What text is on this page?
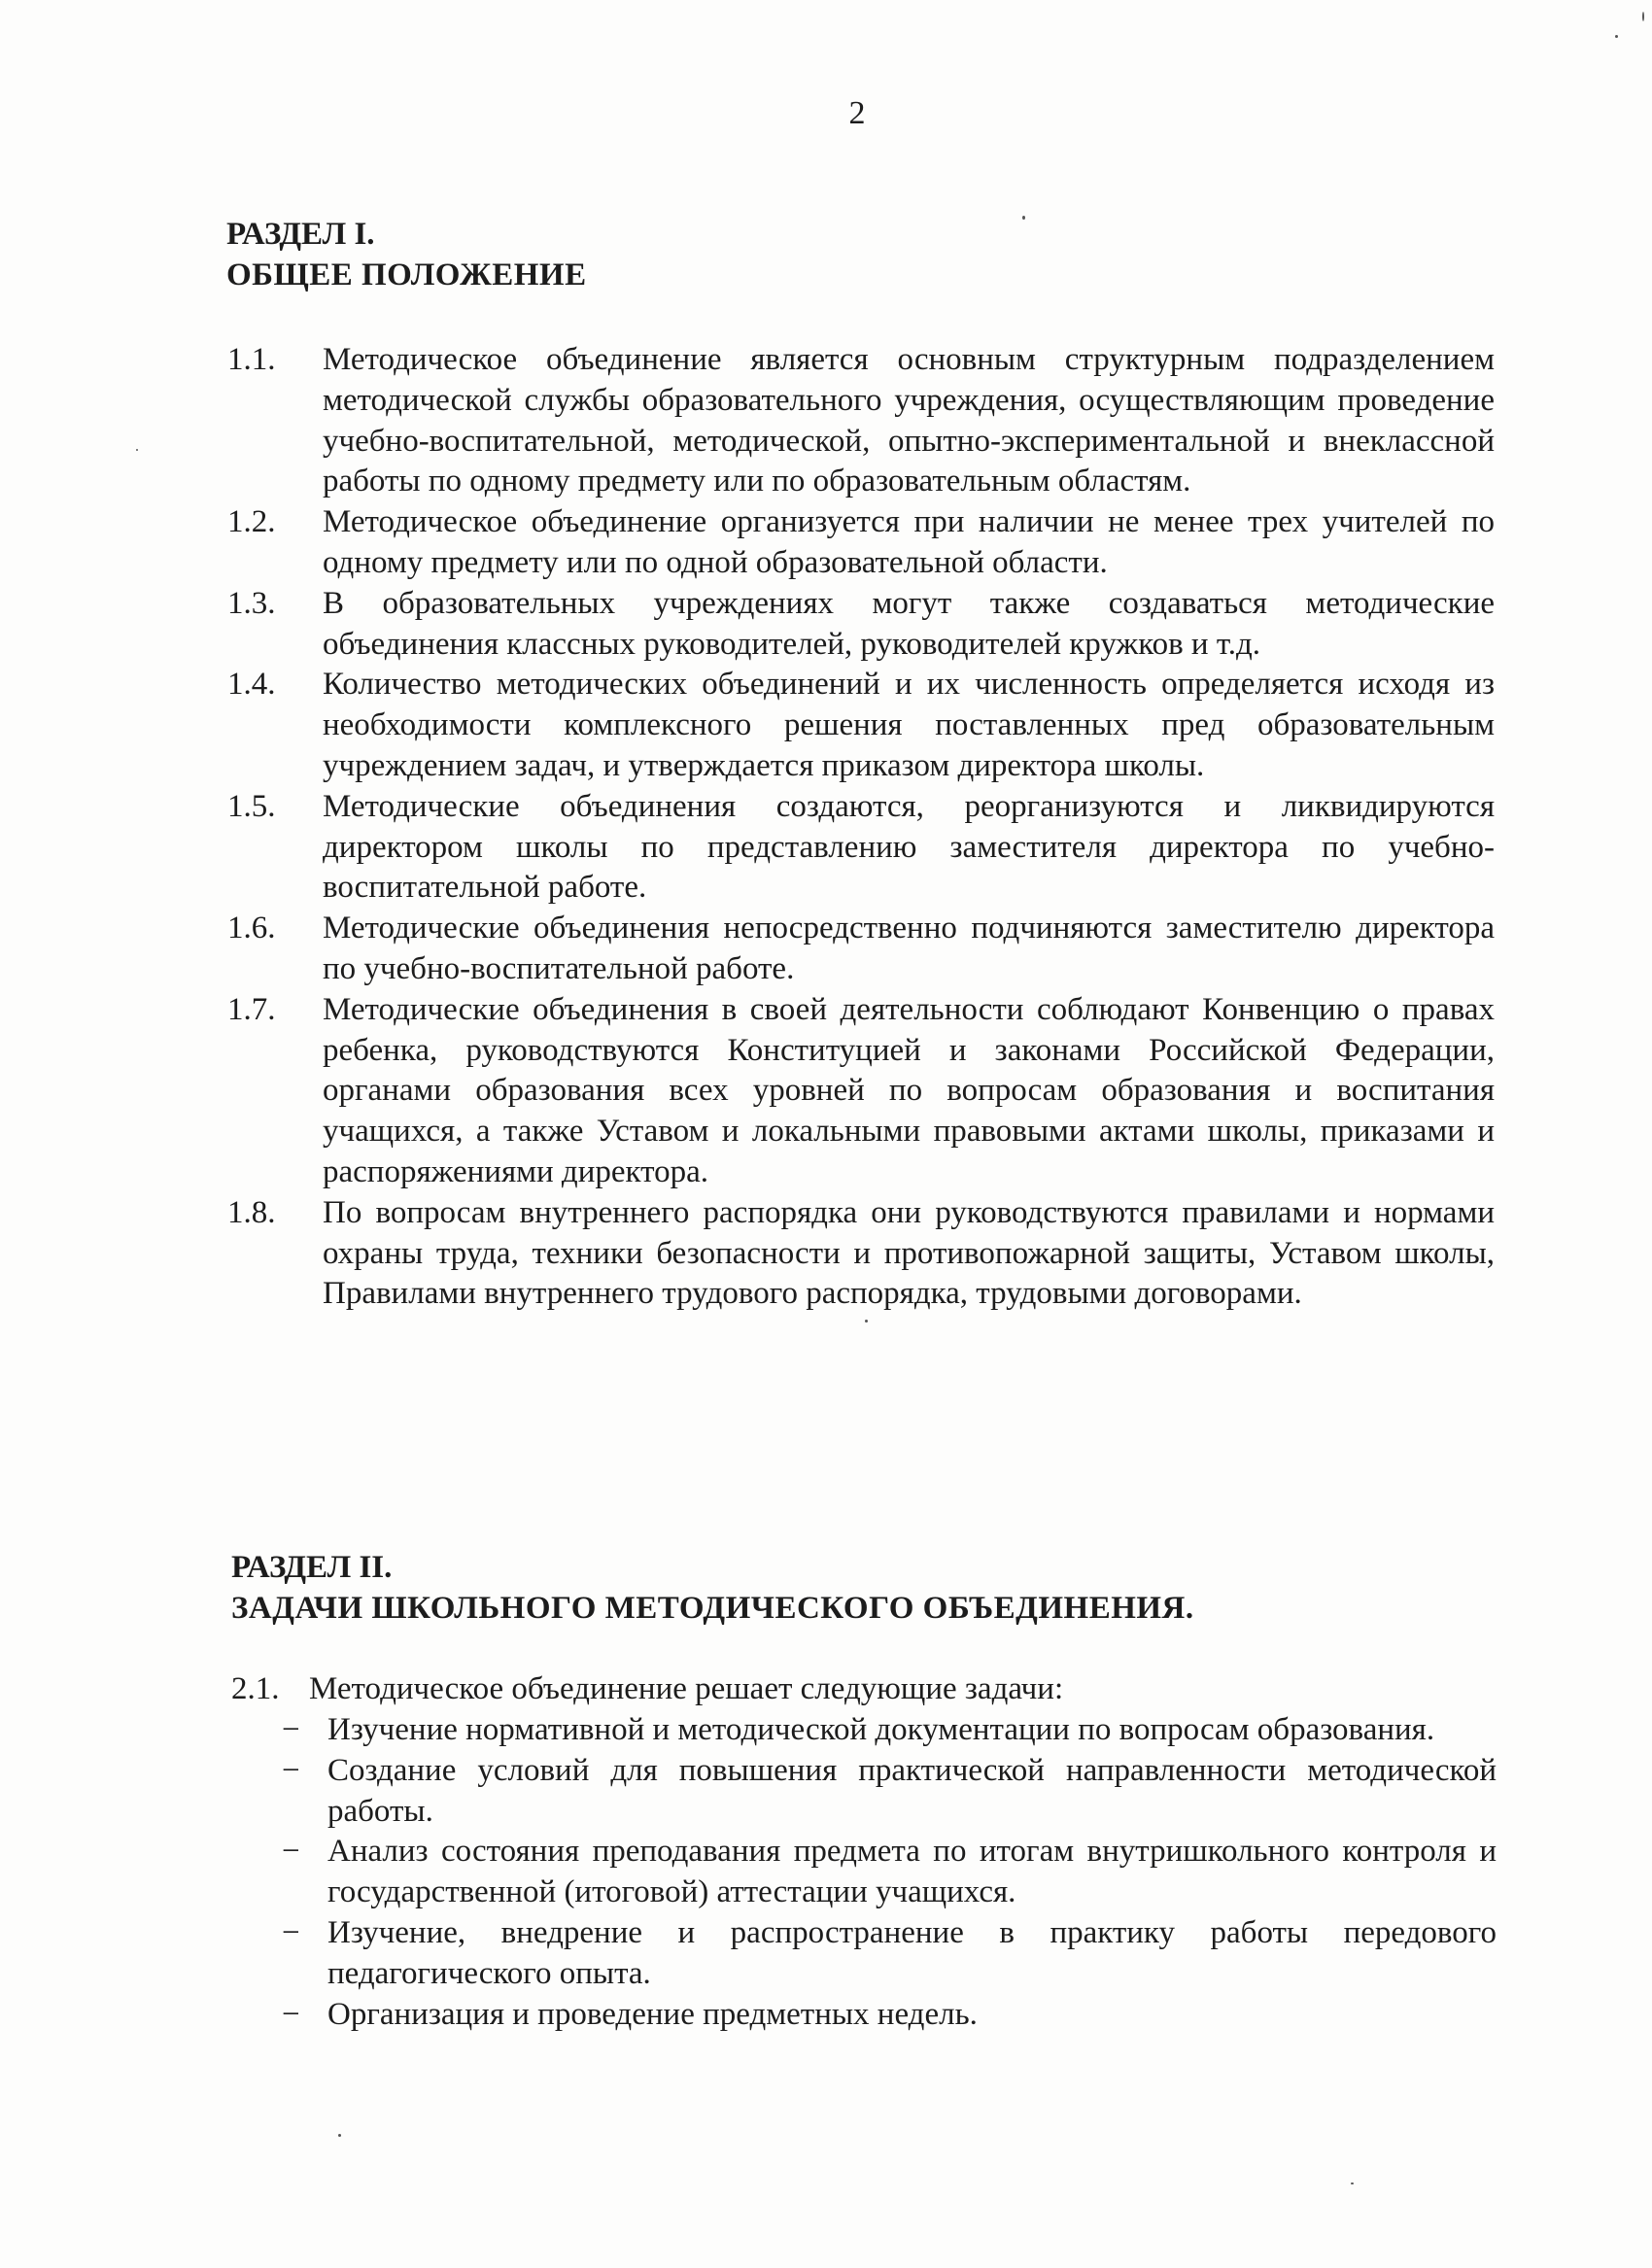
2
РАЗДЕЛ I.
ОБЩЕЕ ПОЛОЖЕНИЕ
1.1.	Методическое объединение является основным структурным подразделением методической службы образовательного учреждения, осуществляющим проведение учебно-воспитательной, методической, опытно-экспериментальной и внеклассной работы по одному предмету или по образовательным областям.
1.2.	Методическое объединение организуется при наличии не менее трех учителей по одному предмету или по одной образовательной области.
1.3.	В образовательных учреждениях могут также создаваться методические объединения классных руководителей, руководителей кружков и т.д.
1.4.	Количество методических объединений и их численность определяется исходя из необходимости комплексного решения поставленных пред образовательным учреждением задач, и утверждается приказом директора школы.
1.5.	Методические объединения создаются, реорганизуются и ликвидируются директором школы по представлению заместителя директора по учебно-воспитательной работе.
1.6.	Методические объединения непосредственно подчиняются заместителю директора по учебно-воспитательной работе.
1.7.	Методические объединения в своей деятельности соблюдают Конвенцию о правах ребенка, руководствуются Конституцией и законами Российской Федерации, органами образования всех уровней по вопросам образования и воспитания учащихся, а также Уставом и локальными правовыми актами школы, приказами и распоряжениями директора.
1.8.	По вопросам внутреннего распорядка они руководствуются правилами и нормами охраны труда, техники безопасности и противопожарной защиты, Уставом школы, Правилами внутреннего трудового распорядка, трудовыми договорами.
РАЗДЕЛ II.
ЗАДАЧИ ШКОЛЬНОГО МЕТОДИЧЕСКОГО ОБЪЕДИНЕНИЯ.
2.1. Методическое объединение решает следующие задачи:
− Изучение нормативной и методической документации по вопросам образования.
− Создание условий для повышения практической направленности методической работы.
− Анализ состояния преподавания предмета по итогам внутришкольного контроля и государственной (итоговой) аттестации учащихся.
− Изучение, внедрение и распространение в практику работы передового педагогического опыта.
− Организация и проведение предметных недель.
